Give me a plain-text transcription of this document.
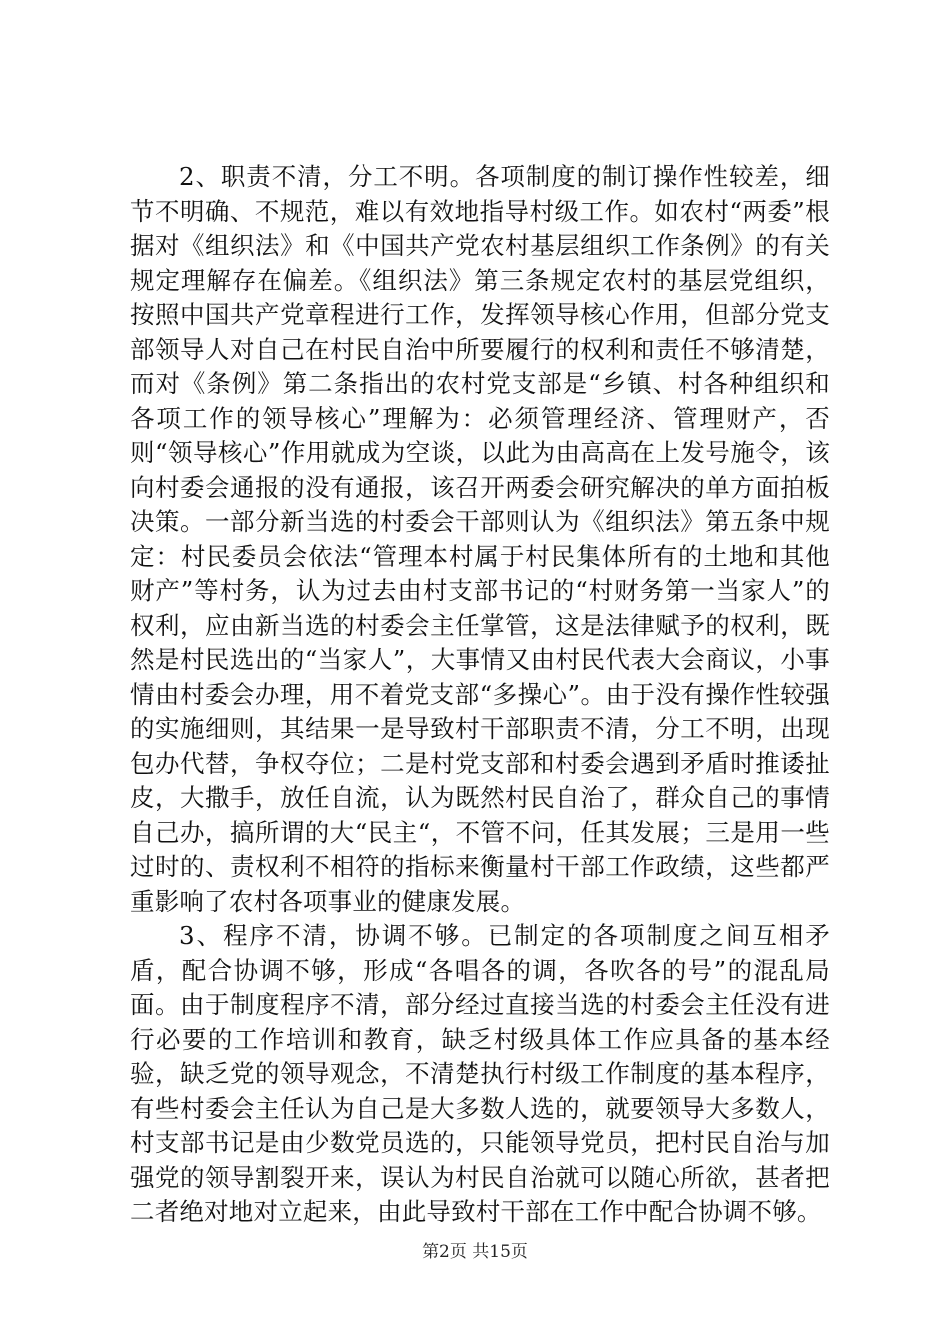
2、职责不清，分工不明。各项制度的制订操作性较差，细节不明确、不规范，难以有效地指导村级工作。如农村“两委”根据对《组织法》和《中国共产党农村基层组织工作条例》的有关规定理解存在偏差。《组织法》第三条规定农村的基层党组织，按照中国共产党章程进行工作，发挥领导核心作用，但部分党支部领导人对自己在村民自治中所要履行的权利和责任不够清楚，而对《条例》第二条指出的农村党支部是“乡镇、村各种组织和各项工作的领导核心”理解为：必须管理经济、管理财产，否则“领导核心”作用就成为空谈，以此为由高高在上发号施令，该向村委会通报的没有通报，该召开两委会研究解决的单方面拍板决策。一部分新当选的村委会干部则认为《组织法》第五条中规定：村民委员会依法“管理本村属于村民集体所有的土地和其他财产”等村务，认为过去由村支部书记的“村财务第一当家人”的权利，应由新当选的村委会主任掌管，这是法律赋予的权利，既然是村民选出的“当家人”，大事情又由村民代表大会商议，小事情由村委会办理，用不着党支部“多操心”。由于没有操作性较强的实施细则，其结果一是导致村干部职责不清，分工不明，出现包办代替，争权夺位；二是村党支部和村委会遇到矛盾时推诿扯皮，大撒手，放任自流，认为既然村民自治了，群众自己的事情自己办，搞所谓的大“民主“，不管不问，任其发展；三是用一些过时的、责权利不相符的指标来衡量村干部工作政绩，这些都严重影响了农村各项事业的健康发展。

3、程序不清，协调不够。已制定的各项制度之间互相矛盾，配合协调不够，形成“各唱各的调，各吹各的号”的混乱局面。由于制度程序不清，部分经过直接当选的村委会主任没有进行必要的工作培训和教育，缺乏村级具体工作应具备的基本经验，缺乏党的领导观念，不清楚执行村级工作制度的基本程序，有些村委会主任认为自己是大多数人选的，就要领导大多数人，村支部书记是由少数党员选的，只能领导党员，把村民自治与加强党的领导割裂开来，误认为村民自治就可以随心所欲，甚者把二者绝对地对立起来，由此导致村干部在工作中配合协调不够。

第2页 共15页
